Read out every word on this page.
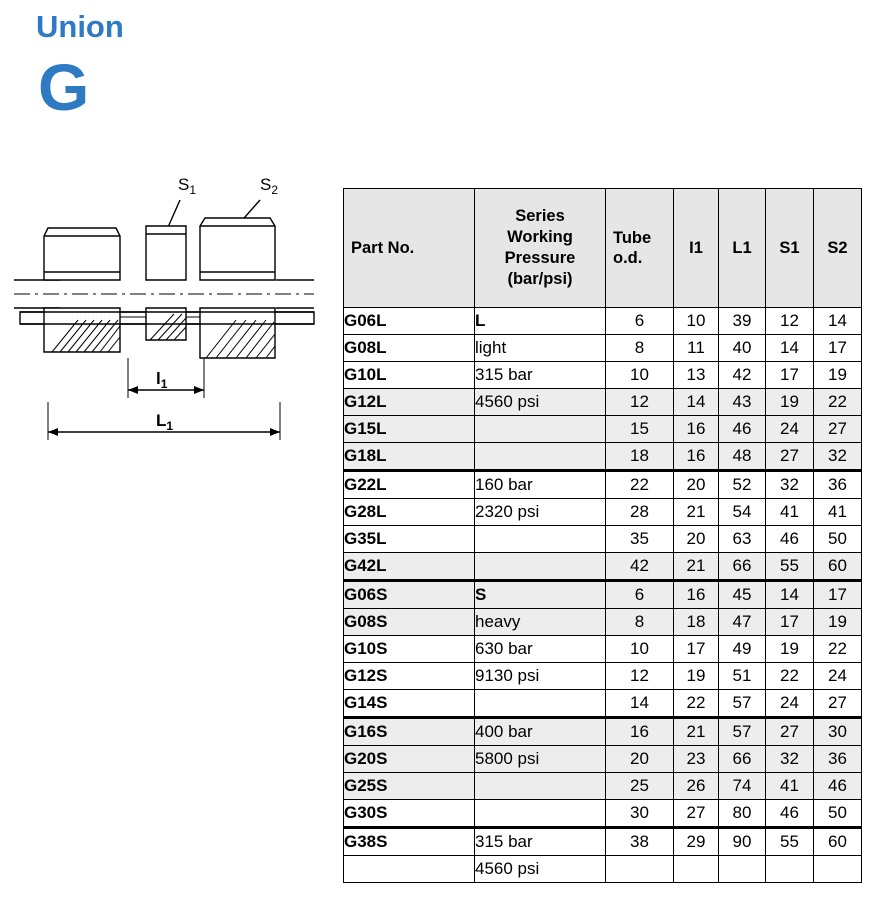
Union
G
$S_1$	$S_2$
$l_1$
$L_1$
Part No.	Series
Working
Pressure
(bar/psi)	Tube
o.d.	I1	L1	S1	S2
G06L	L	6	10	39	12	14
G08L	light	8	11	40	14	17
G10L	315 bar	10	13	42	17	19
G12L	4560 psi	12	14	43	19	22
G15L		15	16	46	24	27
G18L		18	16	48	27	32
G22L	160 bar	22	20	52	32	36
G28L	2320 psi	28	21	54	41	41
G35L		35	20	63	46	50
G42L		42	21	66	55	60
G06S	S	6	16	45	14	17
G08S	heavy	8	18	47	17	19
G10S	630 bar	10	17	49	19	22
G12S	9130 psi	12	19	51	22	24
G14S		14	22	57	24	27
G16S	400 bar	16	21	57	27	30
G20S	5800 psi	20	23	66	32	36
G25S		25	26	74	41	46
G30S		30	27	80	46	50
G38S	315 bar	38	29	90	55	60
	4560 psi					
